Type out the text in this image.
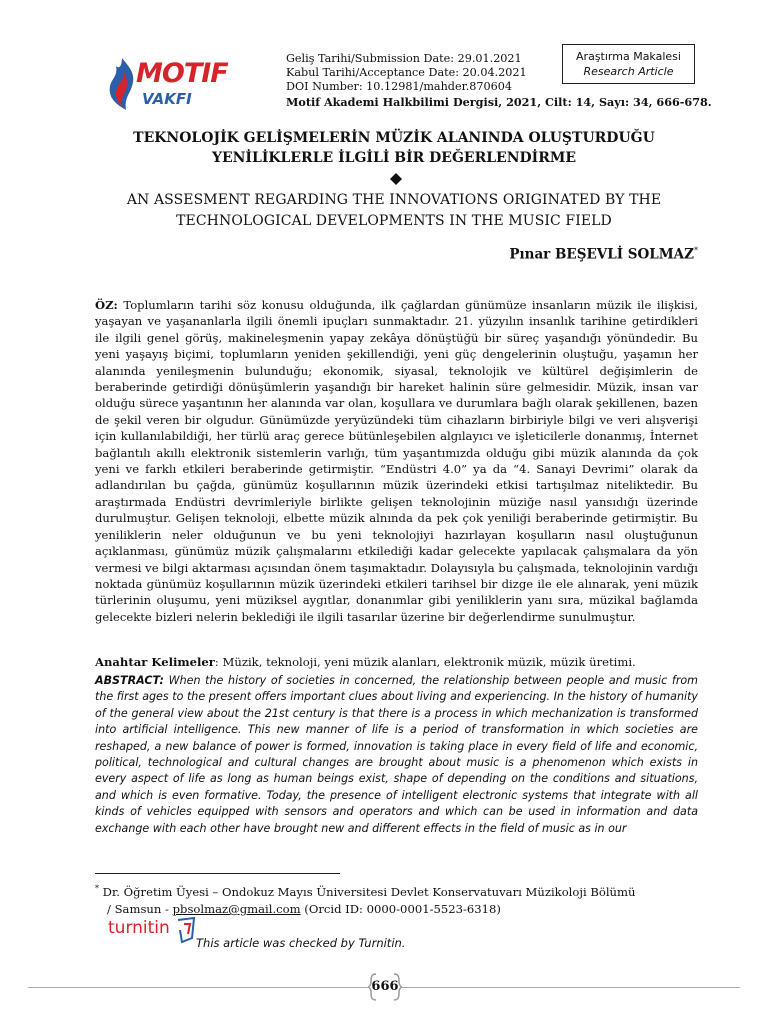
MOTIF
VAKFI
Geliş Tarihi/Submission Date: 29.01.2021
Kabul Tarihi/Acceptance Date: 20.04.2021
DOI Number: 10.12981/mahder.870604
Motif Akademi Halkbilimi Dergisi, 2021, Cilt: 14, Sayı: 34, 666-678.
Araştırma Makalesi
Research Article
TEKNOLOJİK GELİŞMELERİN MÜZİK ALANINDA OLUŞTURDUĞU
YENİLİKLERLE İLGİLİ BİR DEĞERLENDİRME
AN ASSESMENT REGARDING THE INNOVATIONS ORIGINATED BY THE
TECHNOLOGICAL DEVELOPMENTS IN THE MUSIC FIELD
Pınar BEŞEVLİ SOLMAZ*
ÖZ: Toplumların tarihi söz konusu olduğunda, ilk çağlardan günümüze insanların müzik ile ilişkisi, yaşayan ve yaşananlarla ilgili önemli ipuçları sunmaktadır. 21. yüzyılın insanlık tarihine getirdikleri ile ilgili genel görüş, makineleşmenin yapay zekâya dönüştüğü bir süreç yaşandığı yönündedir. Bu yeni yaşayış biçimi, toplumların yeniden şekillendiği, yeni güç dengelerinin oluştuğu, yaşamın her alanında yenileşmenin bulunduğu; ekonomik, siyasal, teknolojik ve kültürel değişimlerin de beraberinde getirdiği dönüşümlerin yaşandığı bir hareket halinin süre gelmesidir. Müzik, insan var olduğu sürece yaşantının her alanında var olan, koşullara ve durumlara bağlı olarak şekillenen, bazen de şekil veren bir olgudur. Günümüzde yeryüzündeki tüm cihazların birbiriyle bilgi ve veri alışverişi için kullanılabildiği, her türlü araç gerece bütünleşebilen algılayıcı ve işleticilerle donanmış, İnternet bağlantılı akıllı elektronik sistemlerin varlığı, tüm yaşantımızda olduğu gibi müzik alanında da çok yeni ve farklı etkileri beraberinde getirmiştir. “Endüstri 4.0” ya da “4. Sanayi Devrimi” olarak da adlandırılan bu çağda, günümüz koşullarının müzik üzerindeki etkisi tartışılmaz niteliktedir. Bu araştırmada Endüstri devrimleriyle birlikte gelişen teknolojinin müziğe nasıl yansıdığı üzerinde durulmuştur. Gelişen teknoloji, elbette müzik alnında da pek çok yeniliği beraberinde getirmiştir. Bu yeniliklerin neler olduğunun ve bu yeni teknolojiyi hazırlayan koşulların nasıl oluştuğunun açıklanması, günümüz müzik çalışmalarını etkilediği kadar gelecekte yapılacak çalışmalara da yön vermesi ve bilgi aktarması açısından önem taşımaktadır. Dolayısıyla bu çalışmada, teknolojinin vardığı noktada günümüz koşullarının müzik üzerindeki etkileri tarihsel bir dizge ile ele alınarak, yeni müzik türlerinin oluşumu, yeni müziksel aygıtlar, donanımlar gibi yeniliklerin yanı sıra, müzikal bağlamda gelecekte bizleri nelerin beklediği ile ilgili tasarılar üzerine bir değerlendirme sunulmuştur.
Anahtar Kelimeler: Müzik, teknoloji, yeni müzik alanları, elektronik müzik, müzik üretimi.
ABSTRACT: When the history of societies in concerned, the relationship between people and music from the first ages to the present offers important clues about living and experiencing. In the history of humanity of the general view about the 21st century is that there is a process in which mechanization is transformed into artificial intelligence. This new manner of life is a period of transformation in which societies are reshaped, a new balance of power is formed, innovation is taking place in every field of life and economic, political, technological and cultural changes are brought about music is a phenomenon which exists in every aspect of life as long as human beings exist, shape of depending on the conditions and situations, and which is even formative. Today, the presence of intelligent electronic systems that integrate with all kinds of vehicles equipped with sensors and operators and which can be used in information and data exchange with each other have brought new and different effects in the field of music as in our
* Dr. Öğretim Üyesi – Ondokuz Mayıs Üniversitesi Devlet Konservatuvarı Müzikoloji Bölümü
/ Samsun - pbsolmaz@gmail.com (Orcid ID: 0000-0001-5523-6318)
turnitin
This article was checked by Turnitin.
666
